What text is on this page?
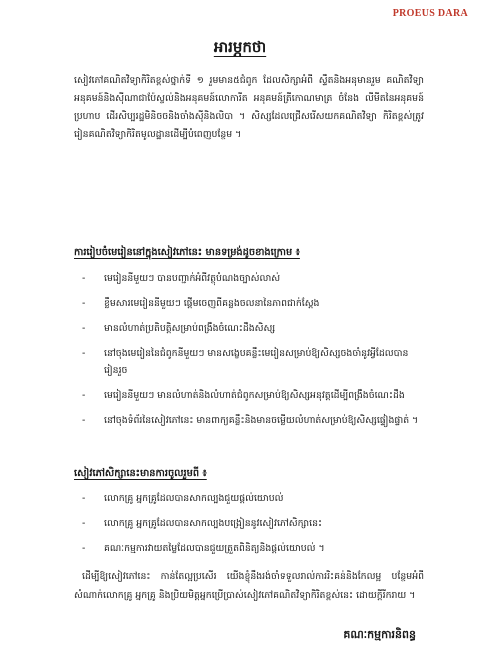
PROEUS DARA
អារម្ភកថា
សៀវភៅគណិតវិទ្យាកិរិតខ្ពស់ថ្នាក់ទី ១ រួមមាន៥ជំពូក ដែលសិក្សាអំពី ស្ទឹតនិងអនុមានរួម គណិតវិទ្យា អនុគមន៍និងស៊ីណាជាប៉ែស្ចល់និងអនុគមន៍លោការីត អនុគមន៍ត្រីកោណមាត្រ ចំនែង លីមីតនៃអនុគមន៍ ប្រហាប ដើរសិប្បរដ្ឋមិនិចចនិងចាំងស៊ីនិងលិបា ។ សិស្សដែលជ្រើសរើសយកគណិតវិទ្យា កិរិតខ្ពស់ត្រូវរៀនគណិតវិទ្យាកិរិតមូលដ្ឋានដើម្បីបំពេញបន្ថែម ។
ការរៀបចំមេរៀននៅក្នុងសៀវភៅនេះ មានទម្រង់ដូចខាងក្រោម ៖
- មេរៀននីមួយៗ បានបញ្ជាក់អំពីវត្ថុបំណងច្បាស់លាស់
- ខ្លឹមសារមេរៀននីមួយៗ ផ្ដើមចេញពីគន្លងចលនានៃភាពជាក់ស្ដែង
- មានលំហាត់ប្រតិបត្តិសម្រាប់ពង្រឹងចំណេះដឹងសិស្ស
- នៅចុងមេរៀននៃជំពូកនីមួយៗ មានសង្ខេបគន្លឹះមេរៀនសម្រាប់ឱ្យសិស្សចងចាំនូវអ្វីដែលបានរៀនរួច
- មេរៀននីមួយៗ មានលំហាត់និងលំហាត់ជំពូកសម្រាប់ឱ្យសិស្សអនុវត្តដើម្បីពង្រឹងចំណេះដឹង
- នៅចុងទំព័រនៃសៀវភៅនេះ មានពាក្យគន្លឹះនិងមានចម្លើយលំហាត់សម្រាប់ឱ្យសិស្សផ្ទៀងផ្ទាត់ ។
សៀវភៅសិក្សានេះមានការចូលរួមពី ៖
- លោកគ្រូ អ្នកគ្រូដែលបានសាកល្បងជួយផ្ដល់យោបល់
- លោកគ្រូ អ្នកគ្រូដែលបានសាកល្បងបង្រៀននូវសៀវភៅសិក្សានេះ
- គណៈកម្មការវាយតម្លៃដែលបានជួយត្រួតពិនិត្យនិងផ្ដល់យោបល់ ។
ដើម្បីឱ្យសៀវភៅនេះ កាន់តែល្អប្រសើរ យើងខ្ញុំនឹងរង់ចាំទទួលរាល់ការរិះគន់និងកែលម្អ បន្ថែមអំពីសំណាក់លោកគ្រូ អ្នកគ្រូ និងប្រិយមិត្តអ្នកប្រើប្រាស់សៀវភៅគណិតវិទ្យាកិរិតខ្ពស់នេះ ដោយក្ដីរីករាយ ។
គណៈកម្មការនិពន្ធ
